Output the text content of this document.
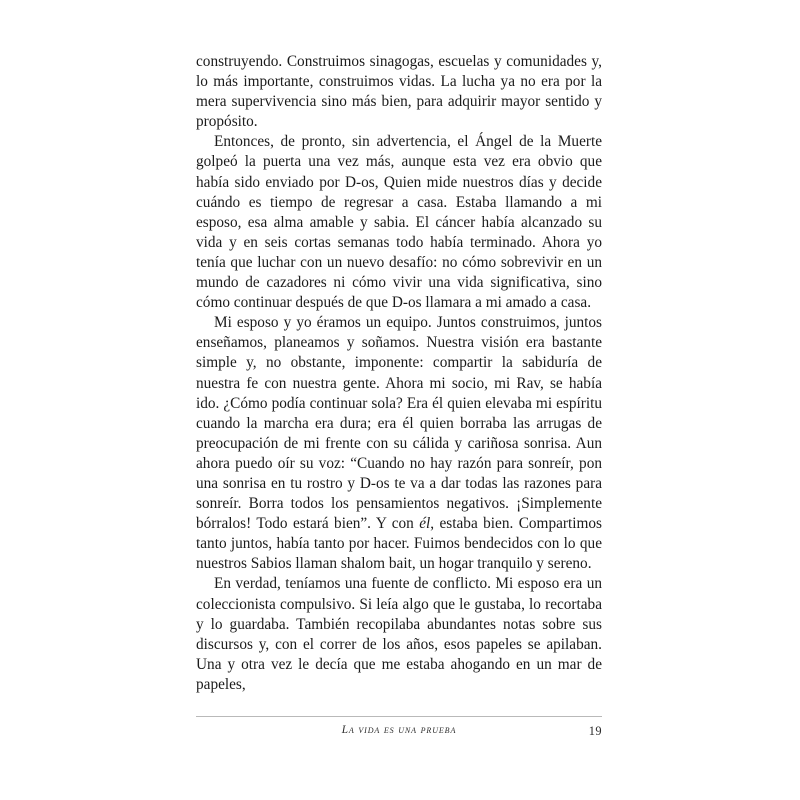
construyendo. Construimos sinagogas, escuelas y comunidades y, lo más importante, construimos vidas. La lucha ya no era por la mera supervivencia sino más bien, para adquirir mayor sentido y propósito.

Entonces, de pronto, sin advertencia, el Ángel de la Muerte golpeó la puerta una vez más, aunque esta vez era obvio que había sido enviado por D-os, Quien mide nuestros días y decide cuándo es tiempo de regresar a casa. Estaba llamando a mi esposo, esa alma amable y sabia. El cáncer había alcanzado su vida y en seis cortas semanas todo había terminado. Ahora yo tenía que luchar con un nuevo desafío: no cómo sobrevivir en un mundo de cazadores ni cómo vivir una vida significativa, sino cómo continuar después de que D-os llamara a mi amado a casa.

Mi esposo y yo éramos un equipo. Juntos construimos, juntos enseñamos, planeamos y soñamos. Nuestra visión era bastante simple y, no obstante, imponente: compartir la sabiduría de nuestra fe con nuestra gente. Ahora mi socio, mi Rav, se había ido. ¿Cómo podía continuar sola? Era él quien elevaba mi espíritu cuando la marcha era dura; era él quien borraba las arrugas de preocupación de mi frente con su cálida y cariñosa sonrisa. Aun ahora puedo oír su voz: “Cuando no hay razón para sonreír, pon una sonrisa en tu rostro y D-os te va a dar todas las razones para sonreír. Borra todos los pensamientos negativos. ¡Simplemente bórralos! Todo estará bien”. Y con él, estaba bien. Compartimos tanto juntos, había tanto por hacer. Fuimos bendecidos con lo que nuestros Sabios llaman shalom bait, un hogar tranquilo y sereno.

En verdad, teníamos una fuente de conflicto. Mi esposo era un coleccionista compulsivo. Si leía algo que le gustaba, lo recortaba y lo guardaba. También recopilaba abundantes notas sobre sus discursos y, con el correr de los años, esos papeles se apilaban. Una y otra vez le decía que me estaba ahogando en un mar de papeles,

La vida es una prueba	19
